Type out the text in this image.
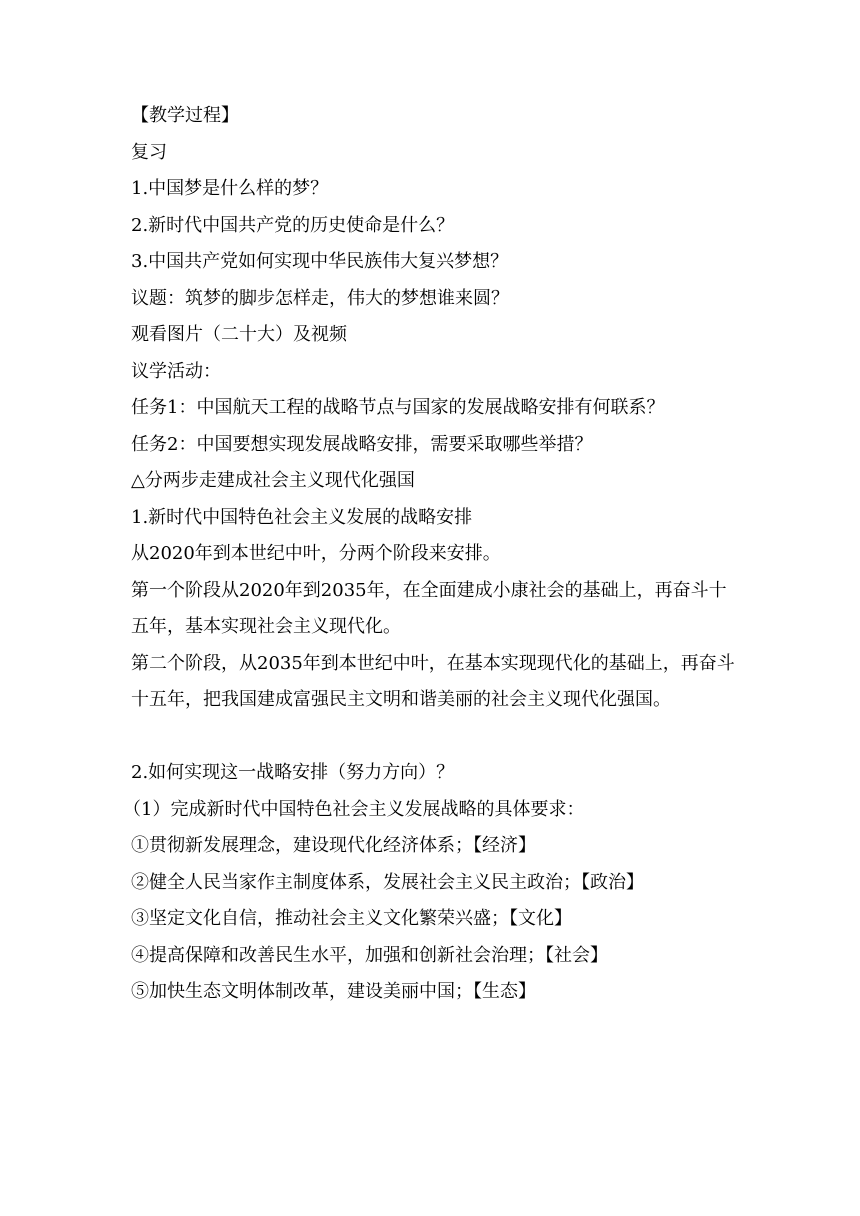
【教学过程】
复习
1.中国梦是什么样的梦？
2.新时代中国共产党的历史使命是什么？
3.中国共产党如何实现中华民族伟大复兴梦想？
议题：筑梦的脚步怎样走，伟大的梦想谁来圆？
观看图片（二十大）及视频
议学活动：
任务1：中国航天工程的战略节点与国家的发展战略安排有何联系？
任务2：中国要想实现发展战略安排，需要采取哪些举措？
△分两步走建成社会主义现代化强国
1.新时代中国特色社会主义发展的战略安排
从2020年到本世纪中叶，分两个阶段来安排。
第一个阶段从2020年到2035年，在全面建成小康社会的基础上，再奋斗十五年，基本实现社会主义现代化。
第二个阶段，从2035年到本世纪中叶，在基本实现现代化的基础上，再奋斗十五年，把我国建成富强民主文明和谐美丽的社会主义现代化强国。
2.如何实现这一战略安排（努力方向）？
（1）完成新时代中国特色社会主义发展战略的具体要求：
①贯彻新发展理念，建设现代化经济体系；【经济】
②健全人民当家作主制度体系，发展社会主义民主政治；【政治】
③坚定文化自信，推动社会主义文化繁荣兴盛；【文化】
④提高保障和改善民生水平，加强和创新社会治理；【社会】
⑤加快生态文明体制改革，建设美丽中国；【生态】
